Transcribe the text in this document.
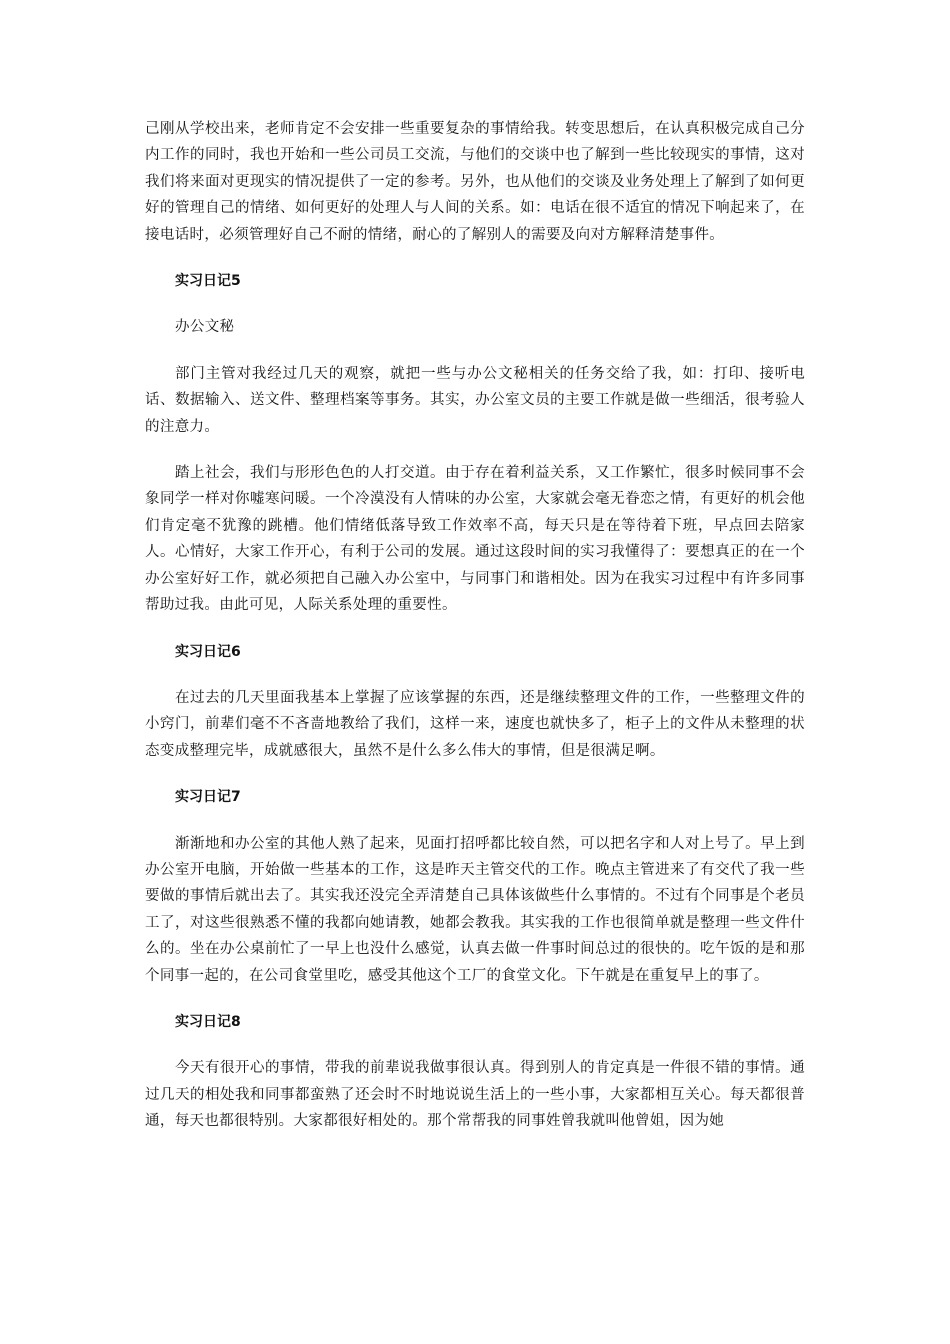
己刚从学校出来，老师肯定不会安排一些重要复杂的事情给我。转变思想后，在认真积极完成自己分内工作的同时，我也开始和一些公司员工交流，与他们的交谈中也了解到一些比较现实的事情，这对我们将来面对更现实的情况提供了一定的参考。另外，也从他们的交谈及业务处理上了解到了如何更好的管理自己的情绪、如何更好的处理人与人间的关系。如：电话在很不适宜的情况下响起来了，在接电话时，必须管理好自己不耐的情绪，耐心的了解别人的需要及向对方解释清楚事件。

实习日记5

办公文秘

部门主管对我经过几天的观察，就把一些与办公文秘相关的任务交给了我，如：打印、接听电话、数据输入、送文件、整理档案等事务。其实，办公室文员的主要工作就是做一些细活，很考验人的注意力。

踏上社会，我们与形形色色的人打交道。由于存在着利益关系，又工作繁忙，很多时候同事不会象同学一样对你嘘寒问暖。一个冷漠没有人情味的办公室，大家就会毫无眷恋之情，有更好的机会他们肯定毫不犹豫的跳槽。他们情绪低落导致工作效率不高，每天只是在等待着下班，早点回去陪家人。心情好，大家工作开心，有利于公司的发展。通过这段时间的实习我懂得了：要想真正的在一个办公室好好工作，就必须把自己融入办公室中，与同事门和谐相处。因为在我实习过程中有许多同事帮助过我。由此可见，人际关系处理的重要性。

实习日记6

在过去的几天里面我基本上掌握了应该掌握的东西，还是继续整理文件的工作，一些整理文件的小窍门，前辈们毫不不吝啬地教给了我们，这样一来，速度也就快多了，柜子上的文件从未整理的状态变成整理完毕，成就感很大，虽然不是什么多么伟大的事情，但是很满足啊。

实习日记7

渐渐地和办公室的其他人熟了起来，见面打招呼都比较自然，可以把名字和人对上号了。早上到办公室开电脑，开始做一些基本的工作，这是昨天主管交代的工作。晚点主管进来了有交代了我一些要做的事情后就出去了。其实我还没完全弄清楚自己具体该做些什么事情的。不过有个同事是个老员工了，对这些很熟悉不懂的我都向她请教，她都会教我。其实我的工作也很简单就是整理一些文件什么的。坐在办公桌前忙了一早上也没什么感觉，认真去做一件事时间总过的很快的。吃午饭的是和那个同事一起的，在公司食堂里吃，感受其他这个工厂的食堂文化。下午就是在重复早上的事了。

实习日记8

今天有很开心的事情，带我的前辈说我做事很认真。得到别人的肯定真是一件很不错的事情。通过几天的相处我和同事都蛮熟了还会时不时地说说生活上的一些小事，大家都相互关心。每天都很普通，每天也都很特别。大家都很好相处的。那个常帮我的同事姓曾我就叫他曾姐，因为她
